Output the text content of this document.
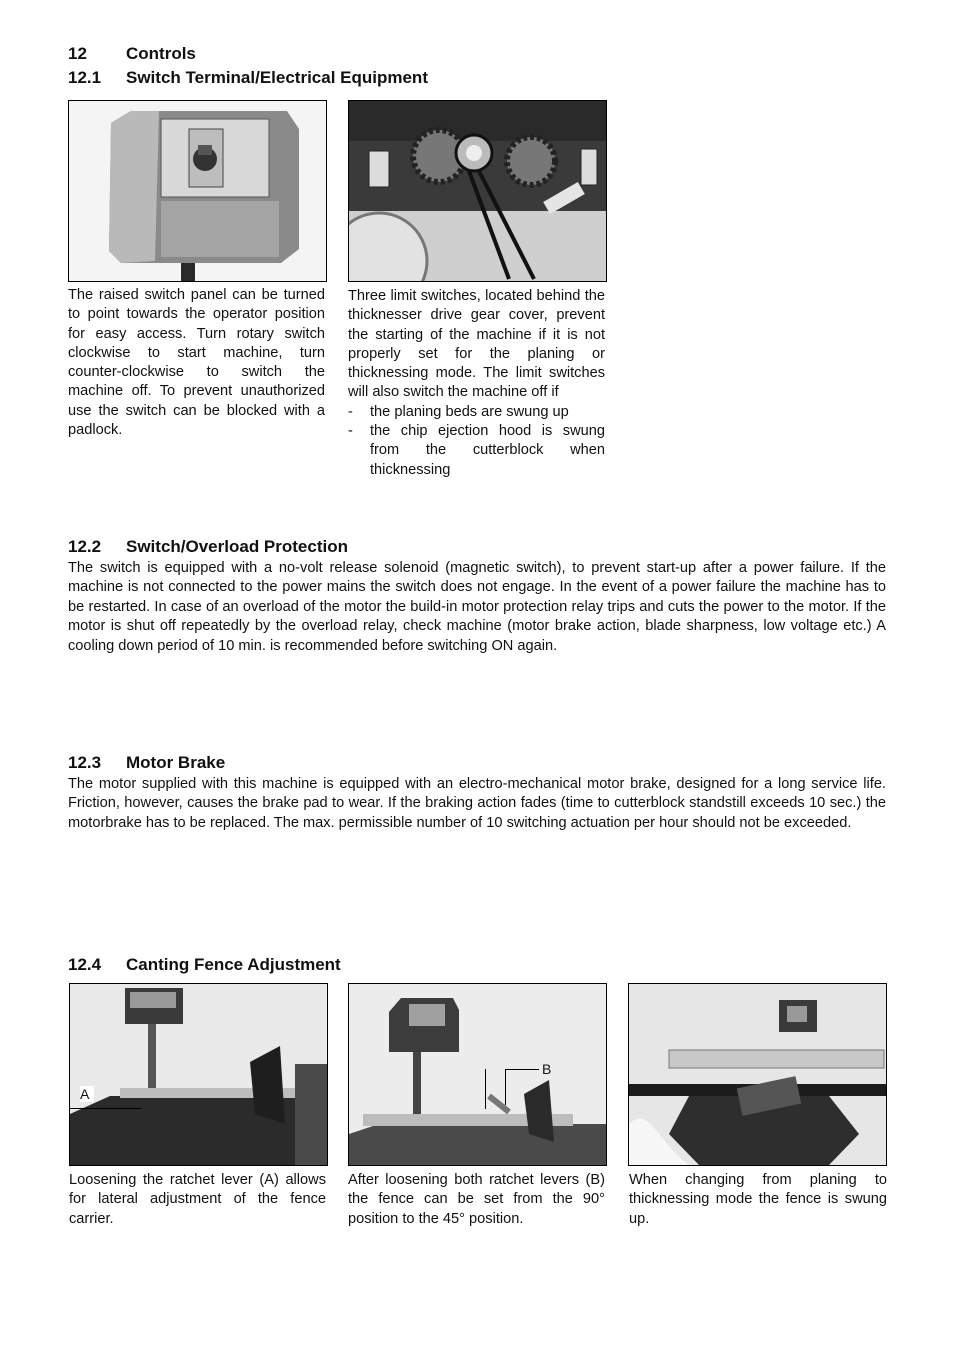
12 Controls
12.1 Switch Terminal/Electrical Equipment

The raised switch panel can be turned to point towards the operator position for easy access. Turn rotary switch clockwise to start machine, turn counter-clockwise to switch the machine off. To prevent unauthorized use the switch can be blocked with a padlock.

Three limit switches, located behind the thicknesser drive gear cover, prevent the starting of the machine if it is not properly set for the planing or thicknessing mode. The limit switches will also switch the machine off if
- the planing beds are swung up
- the chip ejection hood is swung from the cutterblock when thicknessing
12.2 Switch/Overload Protection

The switch is equipped with a no-volt release solenoid (magnetic switch), to prevent start-up after a power failure. If the machine is not connected to the power mains the switch does not engage. In the event of a power failure the machine has to be restarted. In case of an overload of the motor the build-in motor protection relay trips and cuts the power to the motor. If the motor is shut off repeatedly by the overload relay, check machine (motor brake action, blade sharpness, low voltage etc.) A cooling down period of 10 min. is recommended before switching ON again.

12.3 Motor Brake

The motor supplied with this machine is equipped with an electro-mechanical motor brake, designed for a long service life. Friction, however, causes the brake pad to wear. If the braking action fades (time to cutterblock standstill exceeds 10 sec.) the motorbrake has to be replaced. The max. permissible number of 10 switching actuation per hour should not be exceeded.

12.4 Canting Fence Adjustment
A
B

Loosening the ratchet lever (A) allows for lateral adjustment of the fence carrier.

After loosening both ratchet levers (B) the fence can be set from the 90° position to the 45° position.

When changing from planing to thicknessing mode the fence is swung up.
